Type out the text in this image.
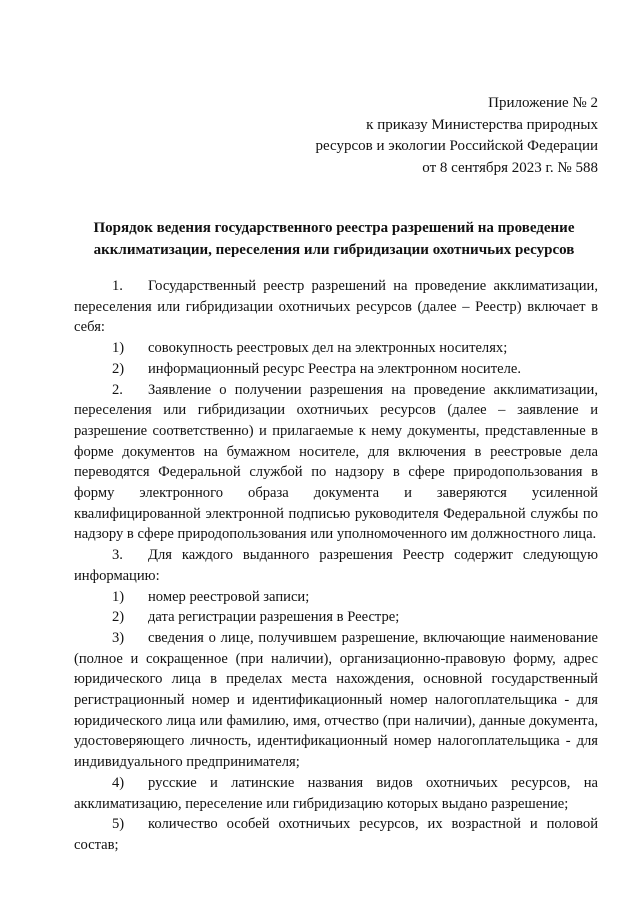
Приложение № 2
к приказу Министерства природных
ресурсов и экологии Российской Федерации
от 8 сентября 2023 г. № 588
Порядок ведения государственного реестра разрешений на проведение
акклиматизации, переселения или гибридизации охотничьих ресурсов

1. Государственный реестр разрешений на проведение акклиматизации, переселения или гибридизации охотничьих ресурсов (далее – Реестр) включает в себя:

1) совокупность реестровых дел на электронных носителях;

2) информационный ресурс Реестра на электронном носителе.

2. Заявление о получении разрешения на проведение акклиматизации, переселения или гибридизации охотничьих ресурсов (далее – заявление и разрешение соответственно) и прилагаемые к нему документы, представленные в форме документов на бумажном носителе, для включения в реестровые дела переводятся Федеральной службой по надзору в сфере природопользования в форму электронного образа документа и заверяются усиленной квалифицированной электронной подписью руководителя Федеральной службы по надзору в сфере природопользования или уполномоченного им должностного лица.

3. Для каждого выданного разрешения Реестр содержит следующую информацию:

1) номер реестровой записи;

2) дата регистрации разрешения в Реестре;

3) сведения о лице, получившем разрешение, включающие наименование (полное и сокращенное (при наличии), организационно-правовую форму, адрес юридического лица в пределах места нахождения, основной государственный регистрационный номер и идентификационный номер налогоплательщика - для юридического лица или фамилию, имя, отчество (при наличии), данные документа, удостоверяющего личность, идентификационный номер налогоплательщика - для индивидуального предпринимателя;

4) русские и латинские названия видов охотничьих ресурсов, на акклиматизацию, переселение или гибридизацию которых выдано разрешение;

5) количество особей охотничьих ресурсов, их возрастной и половой состав;
